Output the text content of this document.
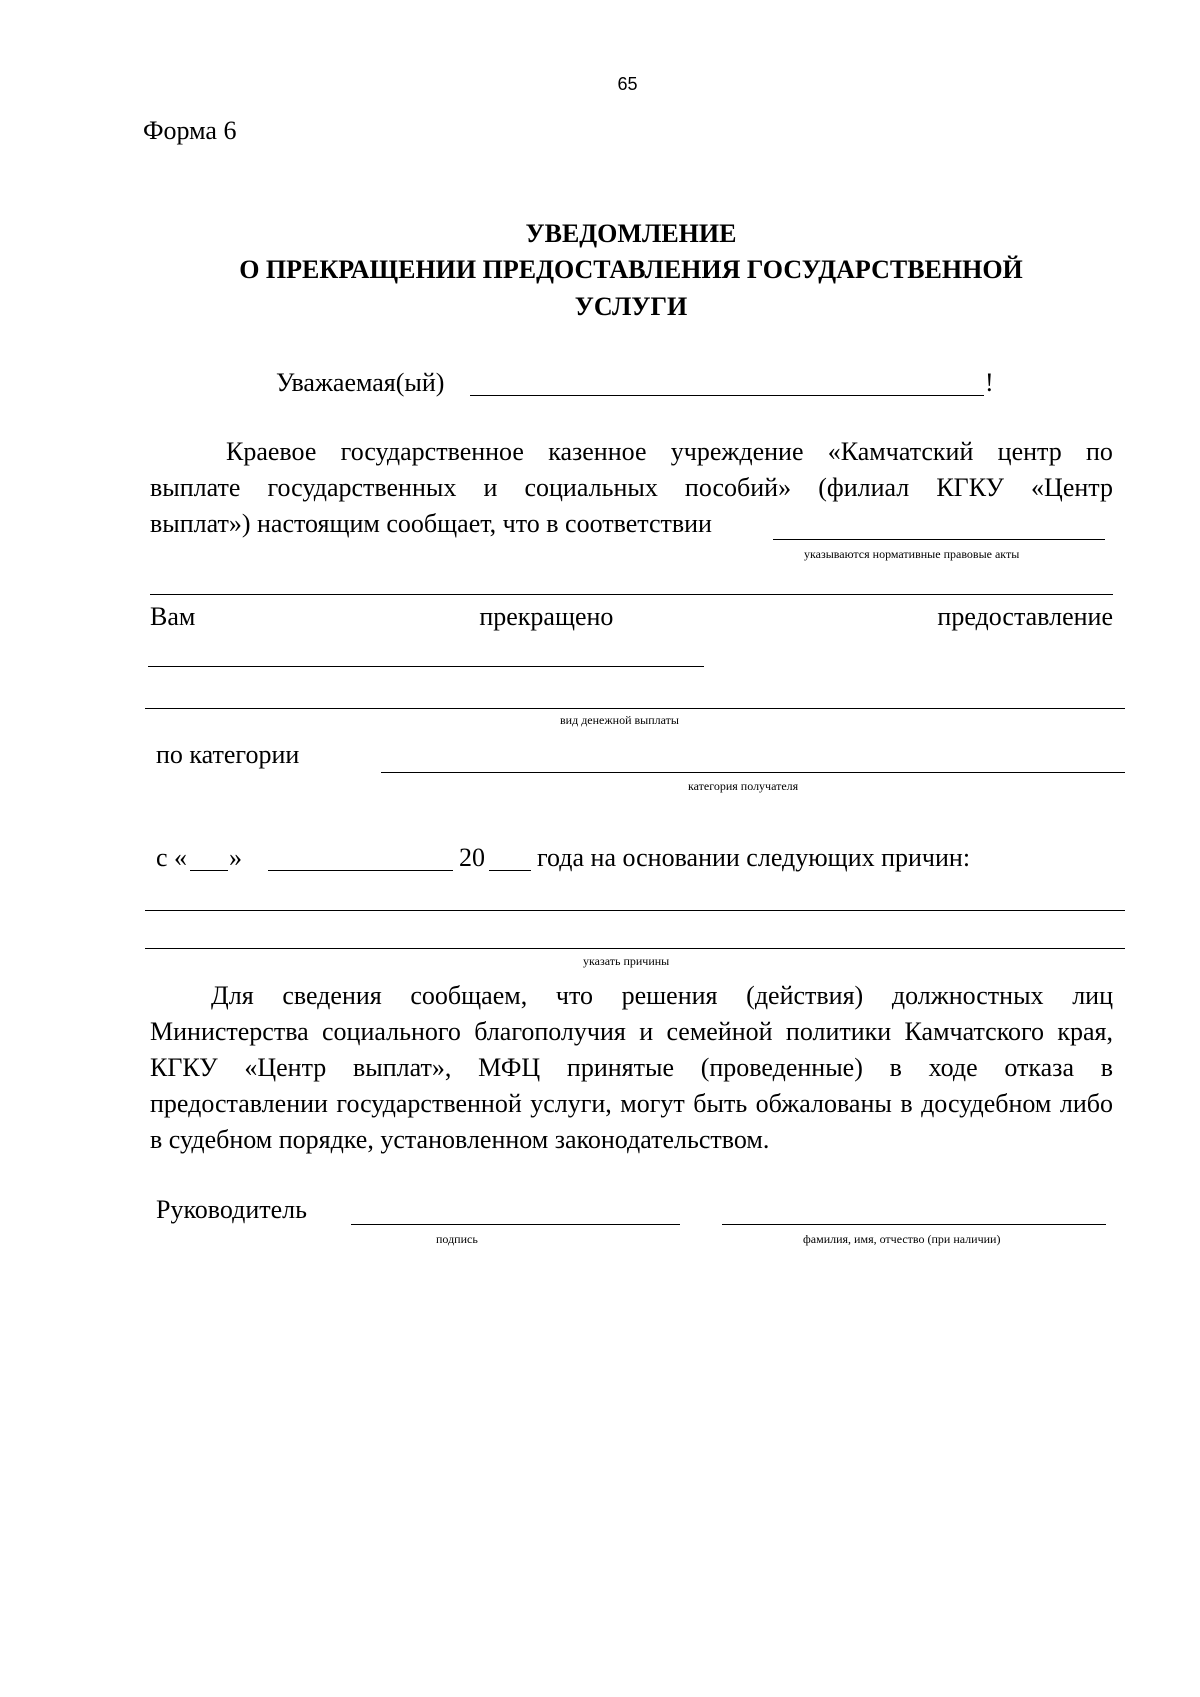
65
Форма 6
УВЕДОМЛЕНИЕ
О ПРЕКРАЩЕНИИ ПРЕДОСТАВЛЕНИЯ ГОСУДАРСТВЕННОЙ
УСЛУГИ
Уважаемая(ый)	!
Краевое государственное казенное учреждение «Камчатский центр по
выплате государственных и социальных пособий» (филиал КГКУ «Центр
выплат») настоящим сообщает, что в соответствии
указываются нормативные правовые акты
Вам	прекращено	предоставление
вид денежной выплаты
по категории
категория получателя
с « »	20 года на основании следующих причин:
указать причины
Для сведения сообщаем, что решения (действия) должностных лиц Министерства социального благополучия и семейной политики Камчатского края, КГКУ «Центр выплат», МФЦ принятые (проведенные) в ходе отказа в предоставлении государственной услуги, могут быть обжалованы в досудебном либо в судебном порядке, установленном законодательством.
Руководитель
подпись	фамилия, имя, отчество (при наличии)
